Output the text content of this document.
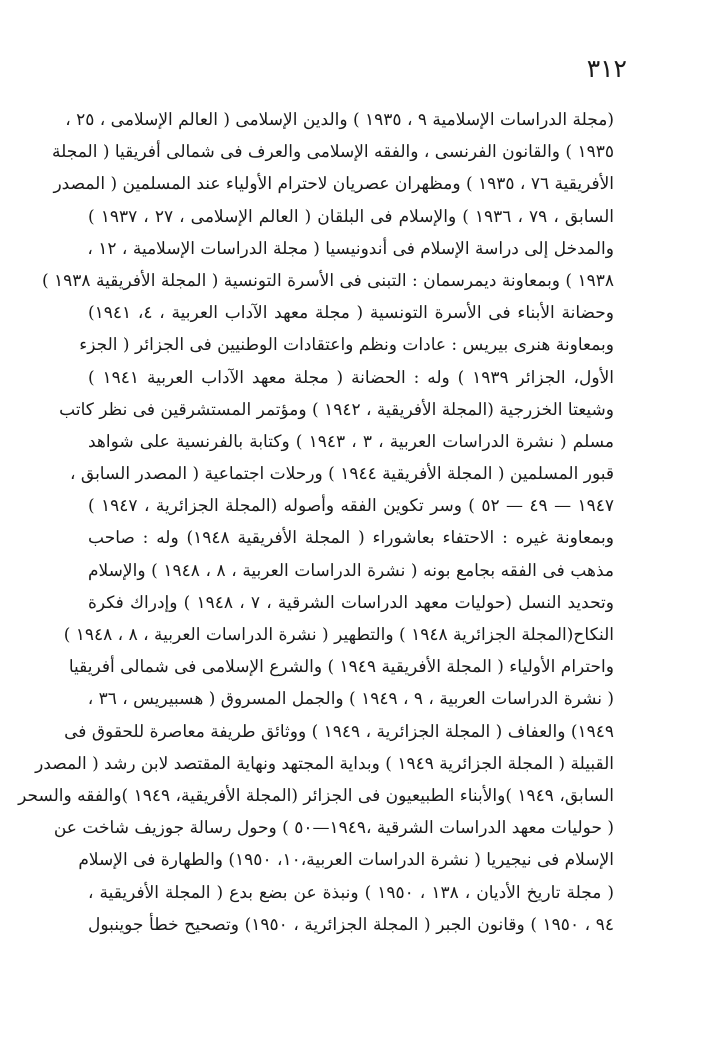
٣١٢
(مجلة الدراسات الإسلامية ٩ ، ١٩٣٥ ) والدين الإسلامى ( العالم الإسلامى ، ٢٥ ،
١٩٣٥ ) والقانون الفرنسى ، والفقه الإسلامى والعرف فى شمالى أفريقيا ( المجلة
الأفريقية ٧٦ ، ١٩٣٥ ) ومظهران عصريان لاحترام الأولياء عند المسلمين ( المصدر
السابق ، ٧٩ ، ١٩٣٦ ) والإسلام فى البلقان ( العالم الإسلامى ، ٢٧ ، ١٩٣٧ )
والمدخل إلى دراسة الإسلام فى أندونيسيا ( مجلة الدراسات الإسلامية ، ١٢ ،
١٩٣٨ ) وبمعاونة ديمرسمان : التبنى فى الأسرة التونسية ( المجلة الأفريقية ١٩٣٨ )
وحضانة الأبناء فى الأسرة التونسية ( مجلة معهد الآداب العربية ، ٤، ١٩٤١)
وبمعاونة هنرى بيريس : عادات ونظم واعتقادات الوطنيين فى الجزائر ( الجزء
الأول، الجزائر ١٩٣٩ ) وله : الحضانة ( مجلة معهد الآداب العربية ١٩٤١ )
وشيعتا الخزرجية (المجلة الأفريقية ، ١٩٤٢ ) ومؤتمر المستشرقين فى نظر كاتب
مسلم ( نشرة الدراسات العربية ، ٣ ، ١٩٤٣ ) وكتابة بالفرنسية على شواهد
قبور المسلمين ( المجلة الأفريقية ١٩٤٤ ) ورحلات اجتماعية ( المصدر السابق ،
١٩٤٧ — ٤٩ — ٥٢ ) وسر تكوين الفقه وأصوله (المجلة الجزائرية ، ١٩٤٧ )
وبمعاونة غيره : الاحتفاء بعاشوراء ( المجلة الأفريقية ١٩٤٨) وله : صاحب
مذهب فى الفقه بجامع بونه ( نشرة الدراسات العربية ، ٨ ، ١٩٤٨ ) والإسلام
وتحديد النسل (حوليات معهد الدراسات الشرقية ، ٧ ، ١٩٤٨ ) وإدراك فكرة
النكاح(المجلة الجزائرية ١٩٤٨ ) والتطهير ( نشرة الدراسات العربية ، ٨ ، ١٩٤٨ )
واحترام الأولياء ( المجلة الأفريقية ١٩٤٩ ) والشرع الإسلامى فى شمالى أفريقيا
( نشرة الدراسات العربية ، ٩ ، ١٩٤٩ ) والجمل المسروق ( هسبيريس ، ٣٦ ،
١٩٤٩) والعفاف ( المجلة الجزائرية ، ١٩٤٩ ) ووثائق طريفة معاصرة للحقوق فى
القبيلة ( المجلة الجزائرية ١٩٤٩ ) وبداية المجتهد ونهاية المقتصد لابن رشد ( المصدر
السابق، ١٩٤٩ )والأبناء الطبيعيون فى الجزائر (المجلة الأفريقية، ١٩٤٩ )والفقه والسحر
( حوليات معهد الدراسات الشرقية ،١٩٤٩—٥٠ ) وحول رسالة جوزيف شاخت عن
الإسلام فى نيجيريا ( نشرة الدراسات العربية،١٠، ١٩٥٠) والطهارة فى الإسلام
( مجلة تاريخ الأديان ، ١٣٨ ، ١٩٥٠ ) ونبذة عن بضع بدع ( المجلة الأفريقية ،
٩٤ ، ١٩٥٠ ) وقانون الجبر ( المجلة الجزائرية ، ١٩٥٠) وتصحيح خطأ جوينبول
